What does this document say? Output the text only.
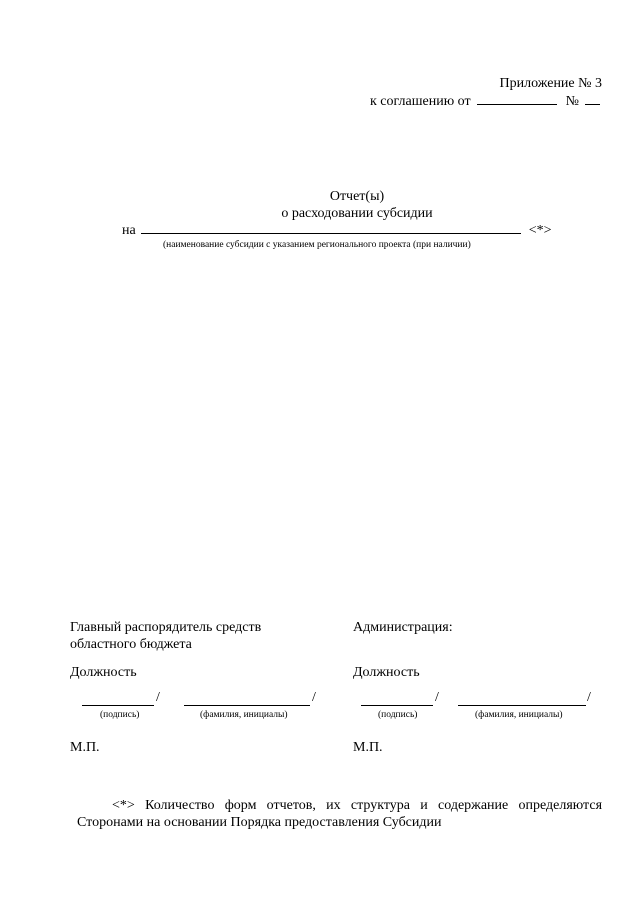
Приложение № 3
к соглашению от	№
Отчет(ы)
о расходовании субсидии
на	<*>
(наименование субсидии с указанием регионального проекта (при наличии)
Главный распорядитель средств
областного бюджета
Должность
/	/
(подпись)	(фамилия, инициалы)
М.П.
Администрация:
Должность
/	/
(подпись)	(фамилия, инициалы)
М.П.
<*> Количество форм отчетов, их структура и содержание определяются
Сторонами на основании Порядка предоставления Субсидии
